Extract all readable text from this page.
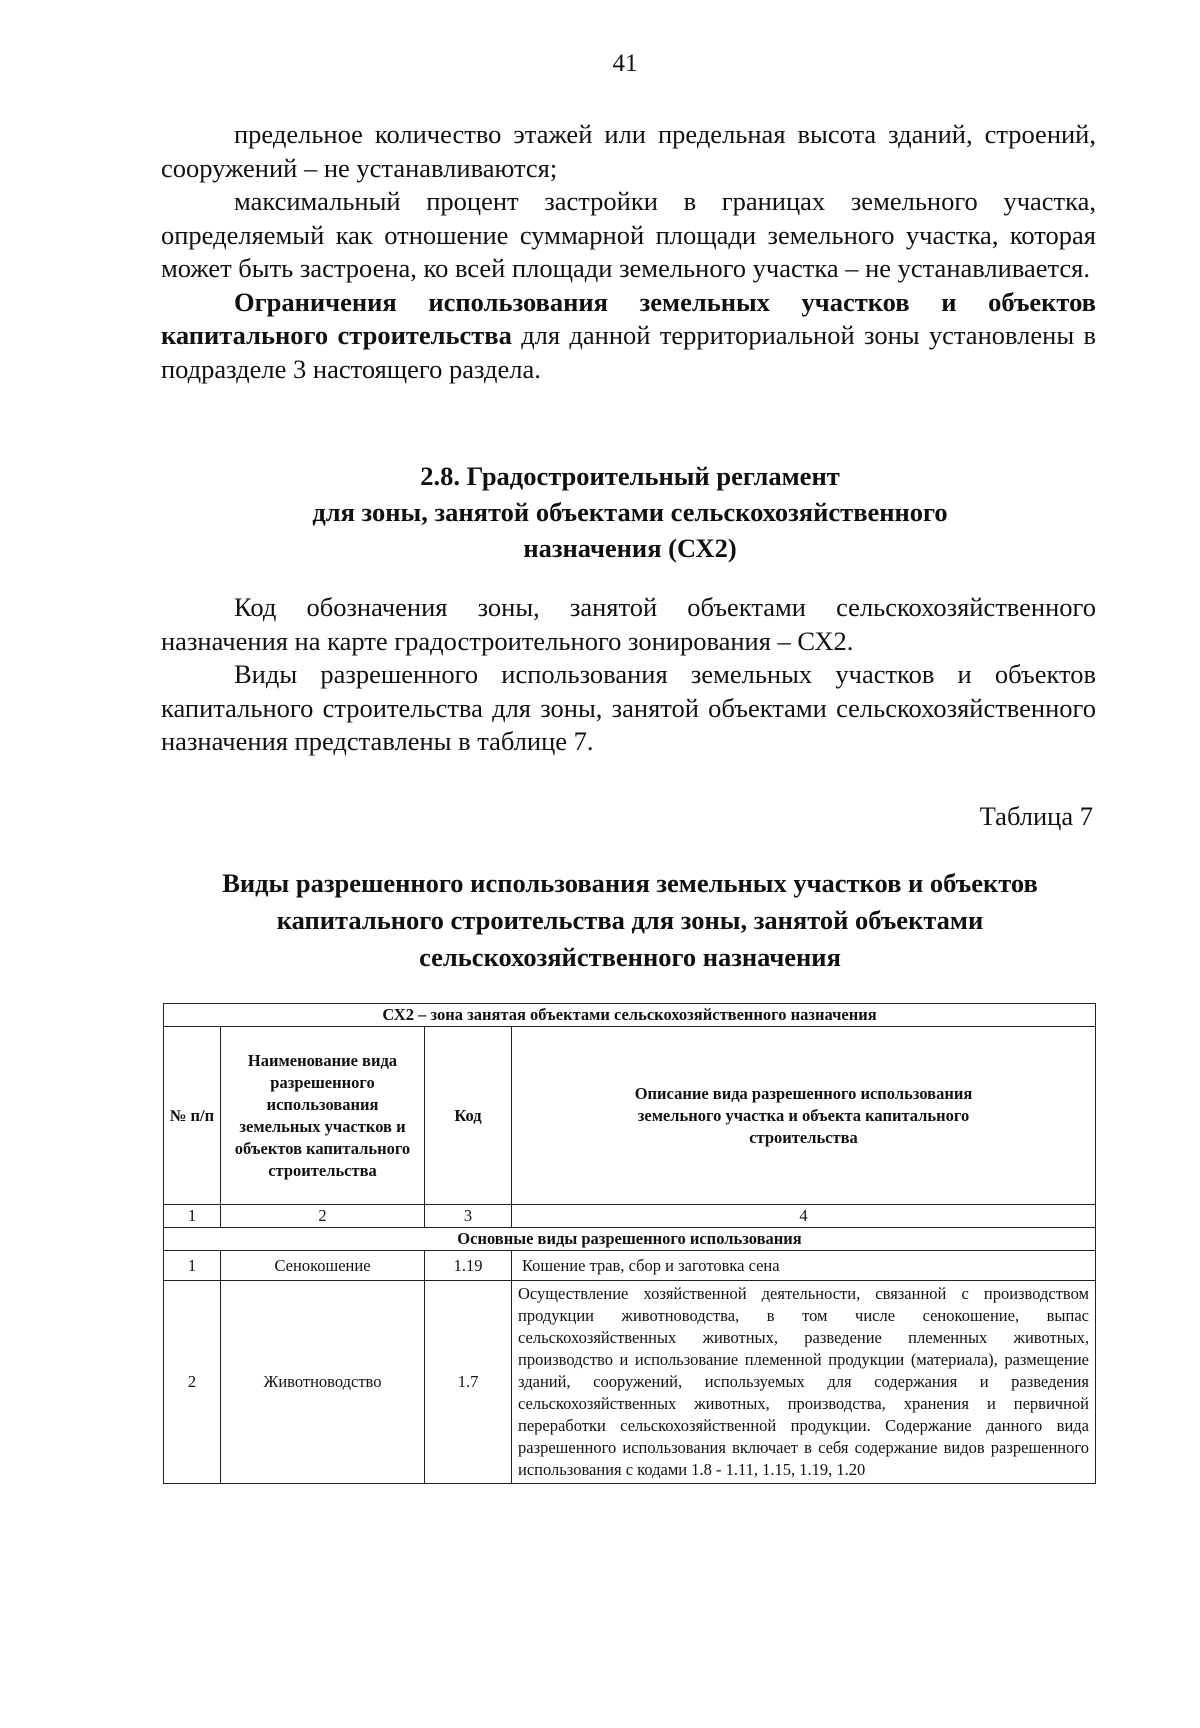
41

предельное количество этажей или предельная высота зданий, строений, сооружений – не устанавливаются;

максимальный процент застройки в границах земельного участка, определяемый как отношение суммарной площади земельного участка, которая может быть застроена, ко всей площади земельного участка – не устанавливается.

Ограничения использования земельных участков и объектов капитального строительства для данной территориальной зоны установлены в подразделе 3 настоящего раздела.

2.8. Градостроительный регламент
для зоны, занятой объектами сельскохозяйственного
назначения (СХ2)

Код обозначения зоны, занятой объектами сельскохозяйственного назначения на карте градостроительного зонирования – СХ2.

Виды разрешенного использования земельных участков и объектов капитального строительства для зоны, занятой объектами сельскохозяйственного назначения представлены в таблице 7.

Таблица 7
Виды разрешенного использования земельных участков и объектов
капитального строительства для зоны, занятой объектами
сельскохозяйственного назначения
СХ2 – зона занятая объектами сельскохозяйственного назначения			
№ п/п	Наименование вида разрешенного использования земельных участков и объектов капитального строительства	Код	Описание вида разрешенного использования земельного участка и объекта капитального строительства
1	2	3	4
Основные виды разрешенного использования			
1	Сенокошение	1.19	Кошение трав, сбор и заготовка сена
2	Животноводство	1.7	Осуществление хозяйственной деятельности, связанной с производством продукции животноводства, в том числе сенокошение, выпас сельскохозяйственных животных, разведение племенных животных, производство и использование племенной продукции (материала), размещение зданий, сооружений, используемых для содержания и разведения сельскохозяйственных животных, производства, хранения и первичной переработки сельскохозяйственной продукции. Содержание данного вида разрешенного использования включает в себя содержание видов разрешенного использования с кодами 1.8 - 1.11, 1.15, 1.19, 1.20
